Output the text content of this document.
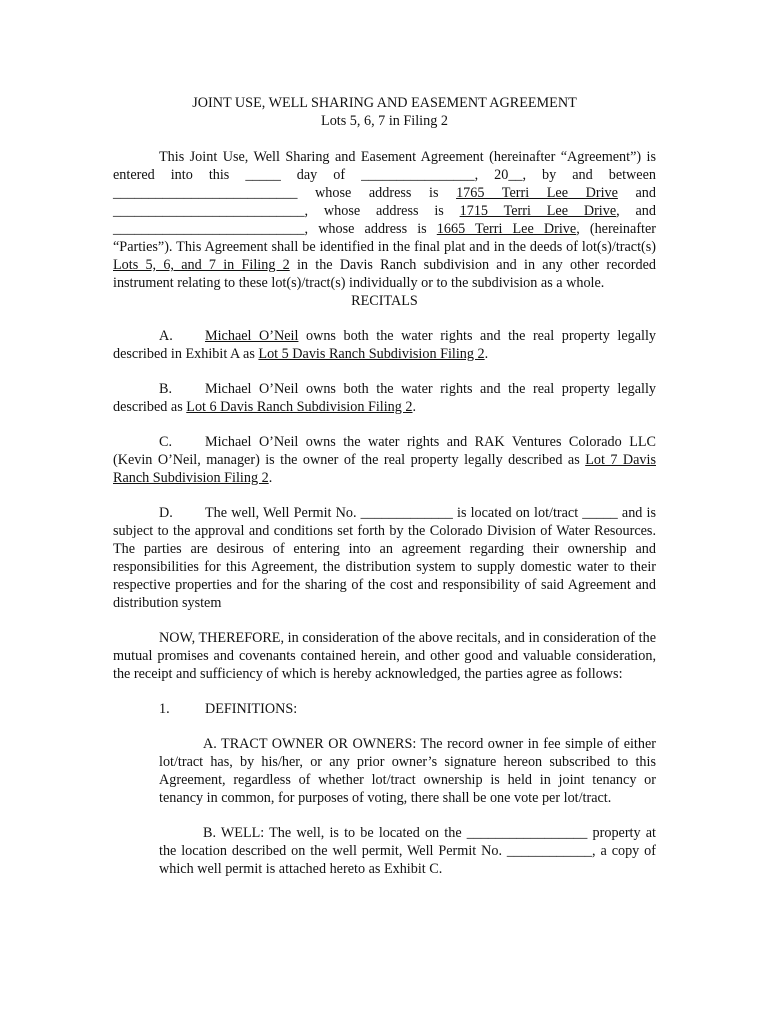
JOINT USE, WELL SHARING AND EASEMENT AGREEMENT

Lots 5, 6, 7 in Filing 2

This Joint Use, Well Sharing and Easement Agreement (hereinafter “Agreement”) is entered into this _____ day of ________________, 20__, by and between __________________________ whose address is 1765 Terri Lee Drive and ___________________________, whose address is 1715 Terri Lee Drive, and ___________________________, whose address is 1665 Terri Lee Drive, (hereinafter “Parties”). This Agreement shall be identified in the final plat and in the deeds of lot(s)/tract(s) Lots 5, 6, and 7 in Filing 2 in the Davis Ranch subdivision and in any other recorded instrument relating to these lot(s)/tract(s) individually or to the subdivision as a whole.

RECITALS

A. Michael O’Neil owns both the water rights and the real property legally described in Exhibit A as Lot 5 Davis Ranch Subdivision Filing 2.

B. Michael O’Neil owns both the water rights and the real property legally described as Lot 6 Davis Ranch Subdivision Filing 2.

C. Michael O’Neil owns the water rights and RAK Ventures Colorado LLC (Kevin O’Neil, manager) is the owner of the real property legally described as Lot 7 Davis Ranch Subdivision Filing 2.

D. The well, Well Permit No. _____________ is located on lot/tract _____ and is subject to the approval and conditions set forth by the Colorado Division of Water Resources. The parties are desirous of entering into an agreement regarding their ownership and responsibilities for this Agreement, the distribution system to supply domestic water to their respective properties and for the sharing of the cost and responsibility of said Agreement and distribution system

NOW, THEREFORE, in consideration of the above recitals, and in consideration of the mutual promises and covenants contained herein, and other good and valuable consideration, the receipt and sufficiency of which is hereby acknowledged, the parties agree as follows:

1. DEFINITIONS:

A. TRACT OWNER OR OWNERS: The record owner in fee simple of either lot/tract has, by his/her, or any prior owner’s signature hereon subscribed to this Agreement, regardless of whether lot/tract ownership is held in joint tenancy or tenancy in common, for purposes of voting, there shall be one vote per lot/tract.

B. WELL: The well, is to be located on the _________________ property at the location described on the well permit, Well Permit No. ____________, a copy of which well permit is attached hereto as Exhibit C.
